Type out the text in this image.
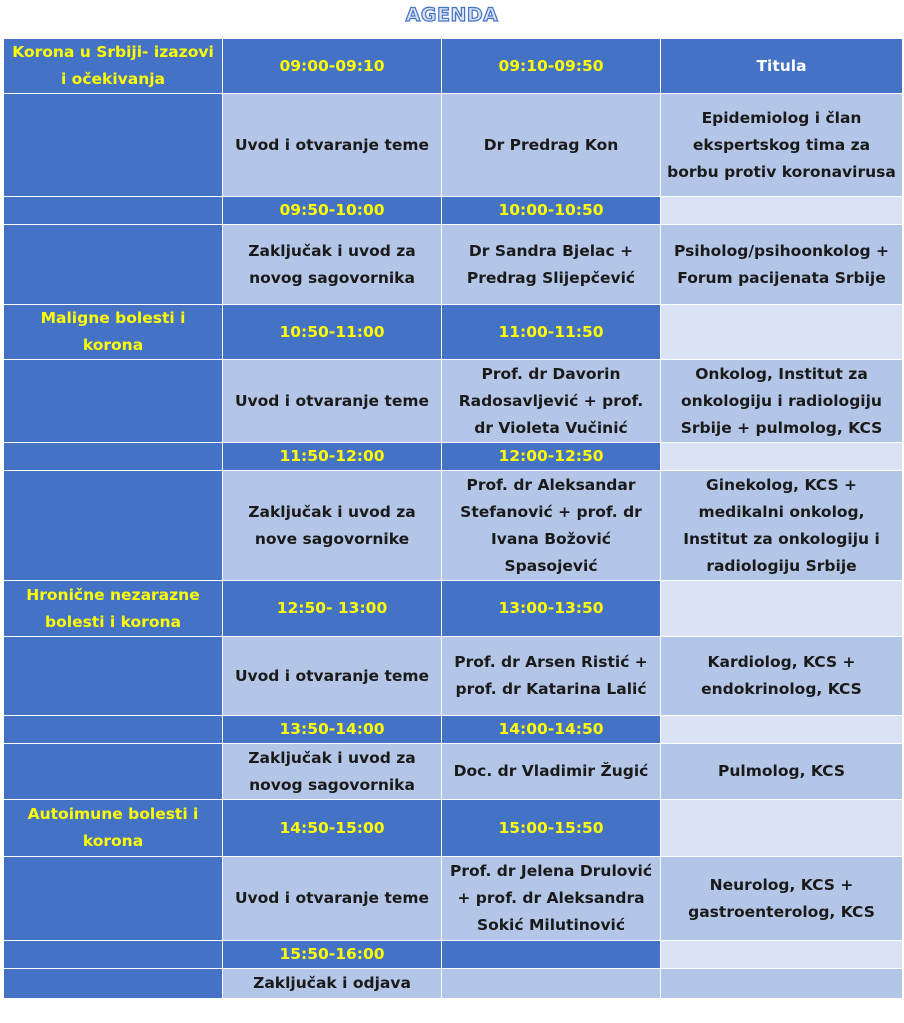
AGENDA
Korona u Srbiji- izazovi i očekivanja	09:00-09:10	09:10-09:50	Titula
	Uvod i otvaranje teme	Dr Predrag Kon	Epidemiolog i član ekspertskog tima za borbu protiv koronavirusa
	09:50-10:00	10:00-10:50	
	Zaključak i uvod za novog sagovornika	Dr Sandra Bjelac + Predrag Slijepčević	Psiholog/psihoonkolog + Forum pacijenata Srbije
Maligne bolesti i korona	10:50-11:00	11:00-11:50	
	Uvod i otvaranje teme	Prof. dr Davorin Radosavljević + prof. dr Violeta Vučinić	Onkolog, Institut za onkologiju i radiologiju Srbije + pulmolog, KCS
	11:50-12:00	12:00-12:50	
	Zaključak i uvod za nove sagovornike	Prof. dr Aleksandar Stefanović + prof. dr Ivana Božović Spasojević	Ginekolog, KCS + medikalni onkolog, Institut za onkologiju i radiologiju Srbije
Hronične nezarazne bolesti i korona	12:50- 13:00	13:00-13:50	
	Uvod i otvaranje teme	Prof. dr Arsen Ristić + prof. dr Katarina Lalić	Kardiolog, KCS + endokrinolog, KCS
	13:50-14:00	14:00-14:50	
	Zaključak i uvod za novog sagovornika	Doc. dr Vladimir Žugić	Pulmolog, KCS
Autoimune bolesti i korona	14:50-15:00	15:00-15:50	
	Uvod i otvaranje teme	Prof. dr Jelena Drulović + prof. dr Aleksandra Sokić Milutinović	Neurolog, KCS + gastroenterolog, KCS
	15:50-16:00		
	Zaključak i odjava		
